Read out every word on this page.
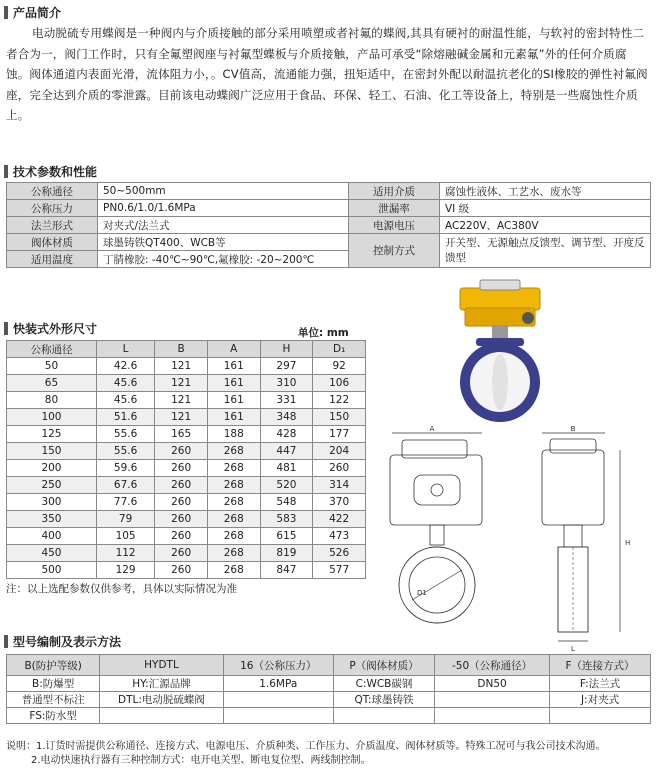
产品简介
电动脱硫专用蝶阀是一种阀内与介质接触的部分采用喷塑或者衬氟的蝶阀,其具有硬衬的耐温性能，与软衬的密封特性二者合为一，阀门工作时，只有全氟塑阀座与衬氟型蝶板与介质接触，产品可承受“除熔融碱金属和元素氟”外的任何介质腐蚀。阀体通道内表面光滑，流体阻力小，。CV值高，流通能力强，扭矩适中，在密封外配以耐温抗老化的SI橡胶的弹性衬氟阀座，完全达到介质的零泄露。目前该电动蝶阀广泛应用于食品、环保、轻工、石油、化工等设备上，特别是一些腐蚀性介质上。
技术参数和性能
公称通径	50~500mm	适用介质	腐蚀性液体、工艺水、废水等
公称压力	PN0.6/1.0/1.6MPa	泄漏率	VI 级
法兰形式	对夹式/法兰式	电源电压	AC220V、AC380V
阀体材质	球墨铸铁QT400、WCB等	控制方式	开关型、无源触点反馈型、调节型、开度反馈型
适用温度	丁腈橡胶: -40℃~90℃,氟橡胶: -20~200℃		
快装式外形尺寸	单位: mm
公称通径	L	B	A	H	D₁
50	42.6	121	161	297	92
65	45.6	121	161	310	106
80	45.6	121	161	331	122
100	51.6	121	161	348	150
125	55.6	165	188	428	177
150	55.6	260	268	447	204
200	59.6	260	268	481	260
250	67.6	260	268	520	314
300	77.6	260	268	548	370
350	79	260	268	583	422
400	105	260	268	615	473
450	112	260	268	819	526
500	129	260	268	847	577
注：以上选配参数仅供参考，具体以实际情况为准
A
D1
B
H
L
型号编制及表示方法
B(防护等级)	HYDTL	16（公称压力）	P（阀体材质）	-50（公称通径）	F（连接方式）
B:防爆型	HY:汇源品牌	1.6MPa	C:WCB碳钢	DN50	F:法兰式
普通型不标注	DTL:电动脱硫蝶阀		QT:球墨铸铁		J:对夹式
FS:防水型					
说明：1.订货时需提供公称通径、连接方式、电源电压、介质种类、工作压力、介质温度、阀体材质等。特殊工况可与我公司技术沟通。
2.电动快速执行器有三种控制方式：电开电关型、断电复位型、两线制控制。
